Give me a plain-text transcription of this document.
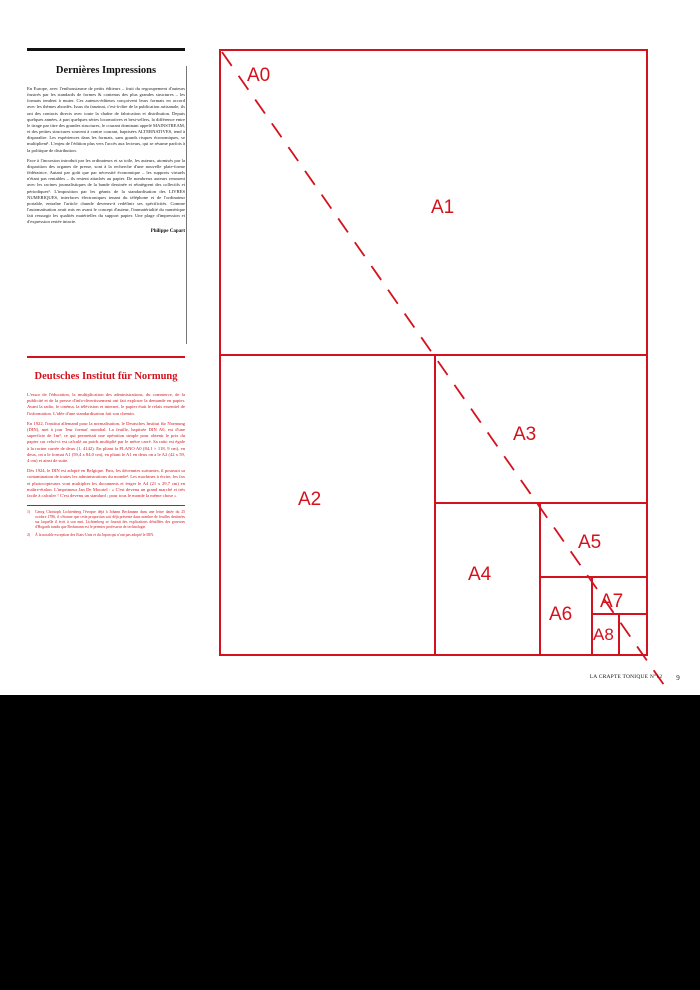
Dernières Impressions

En Europe, avec l'enthousiasme de petits éditeurs – fruit du regroupement d'auteurs frustrés par les standards de formes & contenus des plus grandes structures – les formats tendent à muter. Ces auteurs-éditeurs conçoivent leurs formats en accord avec les thèmes abordés. Issus du fanzinat, c'est-à-dire de la publication artisanale, ils ont des contacts directs avec toute la chaîne de fabrication et distribution. Depuis quelques années, à part quelques séries locomotives et best-sellers, la différence entre le tirage par titre des grandes structures, le courant dominant appelé MAINSTREAM, et des petites structures souvent à contre courant, baptisées ALTERNATIVES, tend à disparaître. Les expériences dans les formats, sans grands risques économiques, se multiplient¹. L'enjeu de l'édition plus vers l'accès aux lecteurs, qui se résume parfois à la politique de distribution.

Face à l'incursion introduit par les ordinateurs et sa toile, les auteurs, atomisés par la disparition des organes de presse, sont à la recherche d'une nouvelle plate-forme fédératrice. Autant par goût que par nécessité économique – les supports virtuels n'étant pas rentables – ils restent attachés au papier. De nombreux auteurs renouent avec les racines journalistiques de la bande dessinée et réintègrent des collectifs et périodiques². L'imposition par les géants de la standardisation des LIVRES NUMERIQUES, interfaces électroniques tenant du téléphone et de l'ordinateur portable, entraîne l'article chunde devenez-à redéfinir ses spécificités. Comme l'automatisation avait mis en avant le concept d'auteur, l'immatérialité du numérique fait ressurgir les qualités matérielles du support papier. Une plage d'impression et d'expression restée intacte.

Philippe Capart
Deutsches Institut für Normung

L'essor de l'éducation, la multiplication des administrations, du commerce, de la publicité et de la presse d'info-divertissement ont fait exploser la demande en papier. Avant la radio, le cinéma, la télévision et internet, le papier était le relais essentiel de l'information. L'idée d'une standardisation fait son chemin.

En 1922, l'institut allemand pour la normalisation, le Deutsches Institut für Normung (DIN), met à jour 'leur format' mondial. La feuille, baptisée DIN A0, est d'une superficie de 1m², ce qui permettait une opération simple pour obtenir le prix du papier car celui-ci est calculé au poids multiplié par le mètre carré. Sa ratio est égale à la racine carrée de deux (1, 4142). En pliant la PLANO A0 (84,1 × 118, 9 cm), en deux, on a le format A1 (59,4 x 84,0 cm), en pliant le A1 en deux on a le A2 (42 x 59, 4 cm) et ainsi de suite.

Dès 1924, le DIN est adopté en Belgique. Puis, les décennies suivantes, il poursuit sa contamination de toutes les administrations du monde². Les machines à écrire, les fax et photocopieuses vont multiplier les documents et ériger le A4 (21 x 29,7 cm) en maître-étalon. L'imprimeur Jan De Moortel : « C'est devenu un grand marché et très facile à calculer ! C'est devenu un standard ; pour tous le monde la même chose »

1)	Georg Christoph Lichtenberg l'évoque déjà à Johann Beckmann dans une lettre datée du 25 octobre 1786, il s'étonne que cette proportion soit déjà présente dans nombre de feuilles destinées sur laquelle il écrit à son ami. Lichtenberg se fournit des explications détaillées des gravures d'Hogarth tandis que Beckmann est le premier professeur de technologie.
2)	À la notable exception des Etats-Unis et du Japon qui n'ont pas adopté le DIN.
A0
A1
A2
A3
A4
A5
A6
A7
A8
LA CRAPTE TONIQUE N°12 9
